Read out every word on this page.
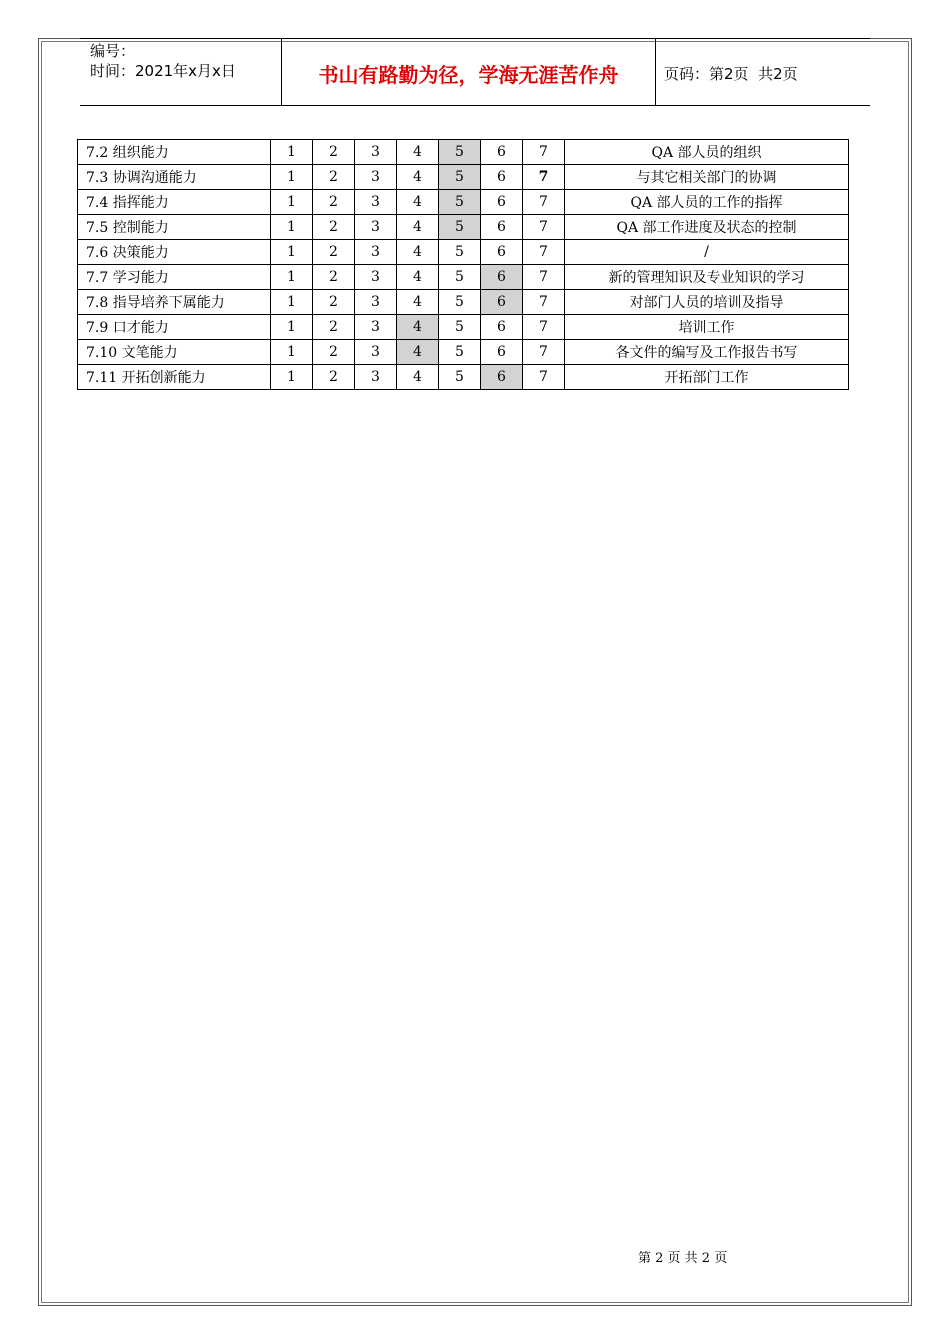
编号：
时间：2021年x月x日	书山有路勤为径，学海无涯苦作舟	页码：第2页  共2页
7.2 组织能力	1	2	3	4	5	6	7	QA 部人员的组织
7.3 协调沟通能力	1	2	3	4	5	6	7	与其它相关部门的协调
7.4 指挥能力	1	2	3	4	5	6	7	QA 部人员的工作的指挥
7.5 控制能力	1	2	3	4	5	6	7	QA 部工作进度及状态的控制
7.6 决策能力	1	2	3	4	5	6	7	/
7.7 学习能力	1	2	3	4	5	6	7	新的管理知识及专业知识的学习
7.8 指导培养下属能力	1	2	3	4	5	6	7	对部门人员的培训及指导
7.9 口才能力	1	2	3	4	5	6	7	培训工作
7.10 文笔能力	1	2	3	4	5	6	7	各文件的编写及工作报告书写
7.11 开拓创新能力	1	2	3	4	5	6	7	开拓部门工作
第 2 页 共 2 页
